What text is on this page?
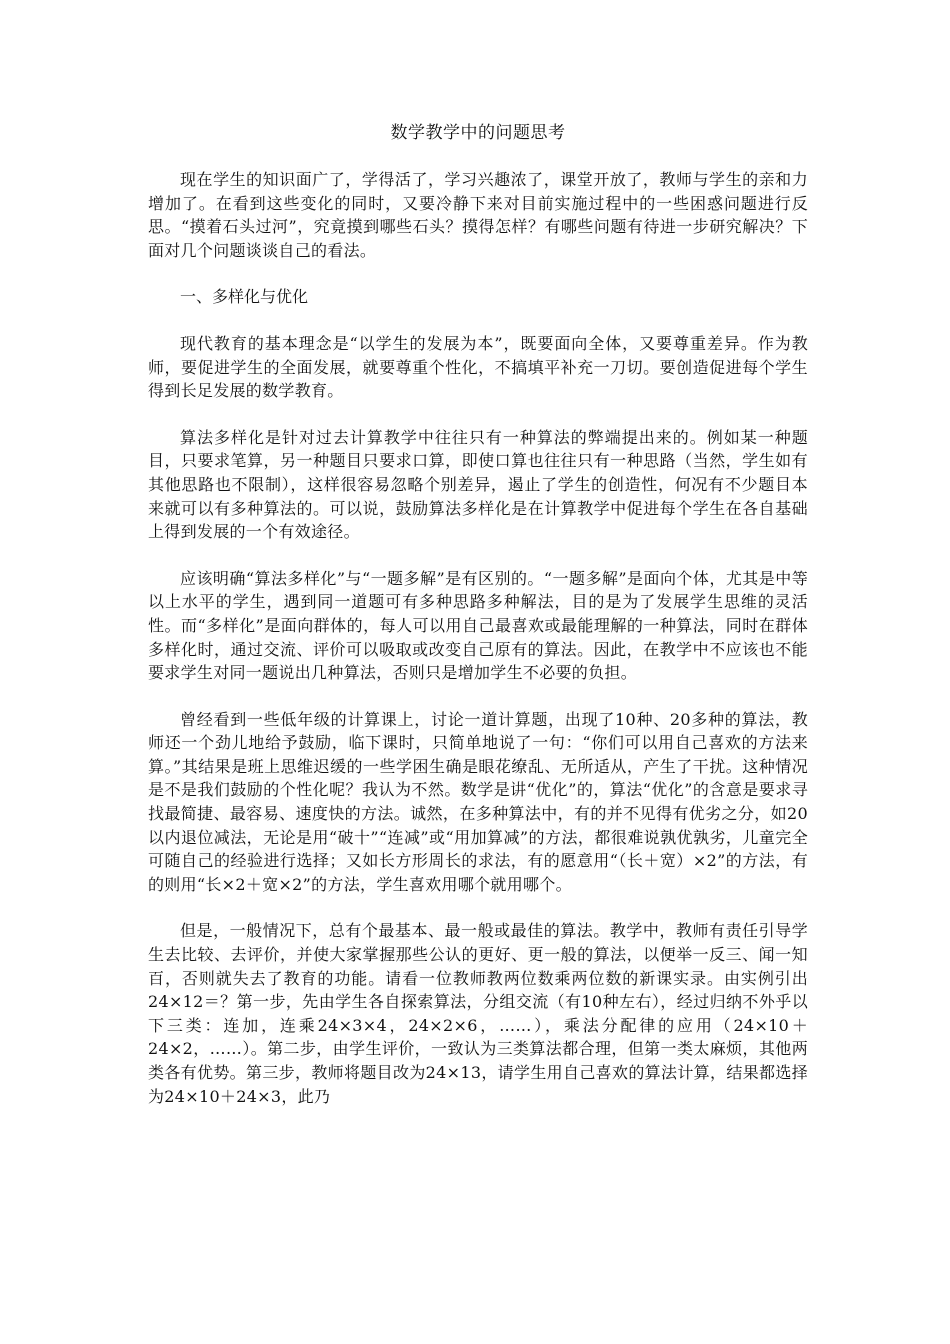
数学教学中的问题思考

现在学生的知识面广了，学得活了，学习兴趣浓了，课堂开放了，教师与学生的亲和力增加了。在看到这些变化的同时，又要冷静下来对目前实施过程中的一些困惑问题进行反思。“摸着石头过河”，究竟摸到哪些石头？摸得怎样？有哪些问题有待进一步研究解决？下面对几个问题谈谈自己的看法。

一、多样化与优化

现代教育的基本理念是“以学生的发展为本”，既要面向全体，又要尊重差异。作为教师，要促进学生的全面发展，就要尊重个性化，不搞填平补充一刀切。要创造促进每个学生得到长足发展的数学教育。

算法多样化是针对过去计算教学中往往只有一种算法的弊端提出来的。例如某一种题目，只要求笔算，另一种题目只要求口算，即使口算也往往只有一种思路（当然，学生如有其他思路也不限制），这样很容易忽略个别差异，遏止了学生的创造性，何况有不少题目本来就可以有多种算法的。可以说，鼓励算法多样化是在计算教学中促进每个学生在各自基础上得到发展的一个有效途径。

应该明确“算法多样化”与“一题多解”是有区别的。“一题多解”是面向个体，尤其是中等以上水平的学生，遇到同一道题可有多种思路多种解法，目的是为了发展学生思维的灵活性。而“多样化”是面向群体的，每人可以用自己最喜欢或最能理解的一种算法，同时在群体多样化时，通过交流、评价可以吸取或改变自己原有的算法。因此，在教学中不应该也不能要求学生对同一题说出几种算法，否则只是增加学生不必要的负担。

曾经看到一些低年级的计算课上，讨论一道计算题，出现了10种、20多种的算法，教师还一个劲儿地给予鼓励，临下课时，只简单地说了一句：“你们可以用自己喜欢的方法来算。”其结果是班上思维迟缓的一些学困生确是眼花缭乱、无所适从，产生了干扰。这种情况是不是我们鼓励的个性化呢？我认为不然。数学是讲“优化”的，算法“优化”的含意是要求寻找最简捷、最容易、速度快的方法。诚然，在多种算法中，有的并不见得有优劣之分，如20以内退位减法，无论是用“破十”“连减”或“用加算减”的方法，都很难说孰优孰劣，儿童完全可随自己的经验进行选择；又如长方形周长的求法，有的愿意用“（长＋宽）×2”的方法，有的则用“长×2＋宽×2”的方法，学生喜欢用哪个就用哪个。

但是，一般情况下，总有个最基本、最一般或最佳的算法。教学中，教师有责任引导学生去比较、去评价，并使大家掌握那些公认的更好、更一般的算法，以便举一反三、闻一知百，否则就失去了教育的功能。请看一位教师教两位数乘两位数的新课实录。由实例引出24×12＝？第一步，先由学生各自探索算法，分组交流（有10种左右），经过归纳不外乎以下三类：连加，连乘24×3×4，24×2×6，……），乘法分配律的应用（24×10＋24×2，……）。第二步，由学生评价，一致认为三类算法都合理，但第一类太麻烦，其他两类各有优势。第三步，教师将题目改为24×13，请学生用自己喜欢的算法计算，结果都选择为24×10＋24×3，此乃
